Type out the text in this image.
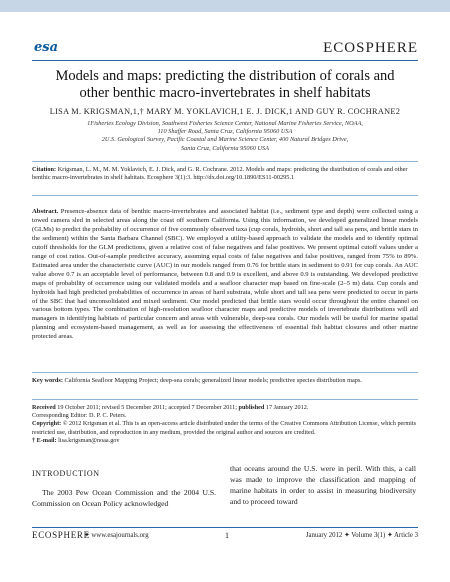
esa	ECOSPHERE
Models and maps: predicting the distribution of corals and
other benthic macro-invertebrates in shelf habitats
LISA M. KRIGSMAN,1,† MARY M. YOKLAVICH,1 E. J. DICK,1 AND GUY R. COCHRANE2
1Fisheries Ecology Division, Southwest Fisheries Science Center, National Marine Fisheries Service, NOAA,
110 Shaffer Road, Santa Cruz, California 95060 USA
2U.S. Geological Survey, Pacific Coastal and Marine Science Center, 400 Natural Bridges Drive,
Santa Cruz, California 95060 USA
Citation: Krigsman, L. M., M. M. Yoklavich, E. J. Dick, and G. R. Cochrane. 2012. Models and maps: predicting the distribution of corals and other benthic macro-invertebrates in shelf habitats. Ecosphere 3(1):3. http://dx.doi.org/10.1890/ES11-00295.1
Abstract. Presence-absence data of benthic macro-invertebrates and associated habitat (i.e., sediment type and depth) were collected using a towed camera sled in selected areas along the coast off southern California. Using this information, we developed generalized linear models (GLMs) to predict the probability of occurrence of five commonly observed taxa (cup corals, hydroids, short and tall sea pens, and brittle stars in the sediment) within the Santa Barbara Channel (SBC). We employed a utility-based approach to validate the models and to identify optimal cutoff thresholds for the GLM predictions, given a relative cost of false negatives and false positives. We present optimal cutoff values under a range of cost ratios. Out-of-sample predictive accuracy, assuming equal costs of false negatives and false positives, ranged from 75% to 89%. Estimated area under the characteristic curve (AUC) in our models ranged from 0.76 for brittle stars in sediment to 0.91 for cup corals. An AUC value above 0.7 is an acceptable level of performance, between 0.8 and 0.9 is excellent, and above 0.9 is outstanding. We developed predictive maps of probability of occurrence using our validated models and a seafloor character map based on fine-scale (2–5 m) data. Cup corals and hydroids had high predicted probabilities of occurrence in areas of hard substrata, while short and tall sea pens were predicted to occur in parts of the SBC that had unconsolidated and mixed sediment. Our model predicted that brittle stars would occur throughout the entire channel on various bottom types. The combination of high-resolution seafloor character maps and predictive models of invertebrate distributions will aid managers in identifying habitats of particular concern and areas with vulnerable, deep-sea corals. Our models will be useful for marine spatial planning and ecosystem-based management, as well as for assessing the effectiveness of essential fish habitat closures and other marine protected areas.
Key words: California Seafloor Mapping Project; deep-sea corals; generalized linear models; predictive species distribution maps.

Received 19 October 2011; revised 5 December 2011; accepted 7 December 2011; published 17 January 2012.

Corresponding Editor: D. P. C. Peters.

Copyright: © 2012 Krigsman et al. This is an open-access article distributed under the terms of the Creative Commons Attribution License, which permits restricted use, distribution, and reproduction in any medium, provided the original author and sources are credited.

† E-mail: lisa.krigsman@noaa.gov

INTRODUCTION

The 2003 Pew Ocean Commission and the 2004 U.S. Commission on Ocean Policy acknowledged

that oceans around the U.S. were in peril. With this, a call was made to improve the classification and mapping of marine habitats in order to assist in measuring biodiversity and to proceed toward
ECOSPHERE
✦ www.esajournals.org	1	January 2012 ✦ Volume 3(1) ✦ Article 3
